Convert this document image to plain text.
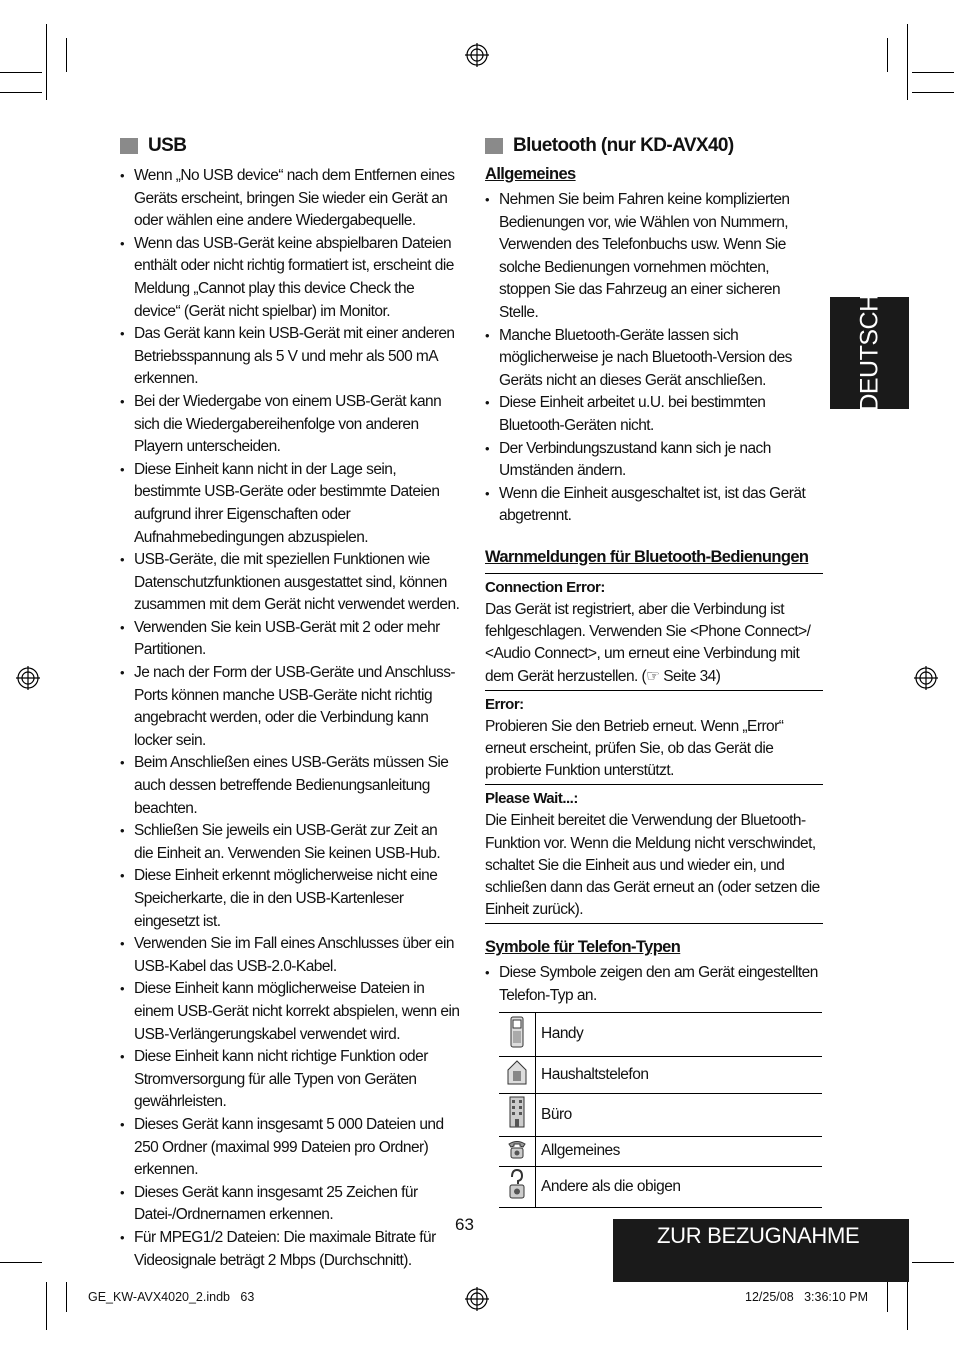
USB
• Wenn „No USB device“ nach dem Entfernen eines Geräts erscheint, bringen Sie wieder ein Gerät an oder wählen eine andere Wiedergabequelle.
• Wenn das USB-Gerät keine abspielbaren Dateien enthält oder nicht richtig formatiert ist, erscheint die Meldung „Cannot play this device Check the device“ (Gerät nicht spielbar) im Monitor.
• Das Gerät kann kein USB-Gerät mit einer anderen Betriebsspannung als 5 V und mehr als 500 mA erkennen.
• Bei der Wiedergabe von einem USB-Gerät kann sich die Wiedergabereihenfolge von anderen Playern unterscheiden.
• Diese Einheit kann nicht in der Lage sein, bestimmte USB-Geräte oder bestimmte Dateien aufgrund ihrer Eigenschaften oder Aufnahmebedingungen abzuspielen.
• USB-Geräte, die mit speziellen Funktionen wie Datenschutzfunktionen ausgestattet sind, können zusammen mit dem Gerät nicht verwendet werden.
• Verwenden Sie kein USB-Gerät mit 2 oder mehr Partitionen.
• Je nach der Form der USB-Geräte und Anschluss-Ports können manche USB-Geräte nicht richtig angebracht werden, oder die Verbindung kann locker sein.
• Beim Anschließen eines USB-Geräts müssen Sie auch dessen betreffende Bedienungsanleitung beachten.
• Schließen Sie jeweils ein USB-Gerät zur Zeit an die Einheit an. Verwenden Sie keinen USB-Hub.
• Diese Einheit erkennt möglicherweise nicht eine Speicherkarte, die in den USB-Kartenleser eingesetzt ist.
• Verwenden Sie im Fall eines Anschlusses über ein USB-Kabel das USB-2.0-Kabel.
• Diese Einheit kann möglicherweise Dateien in einem USB-Gerät nicht korrekt abspielen, wenn ein USB-Verlängerungskabel verwendet wird.
• Diese Einheit kann nicht richtige Funktion oder Stromversorgung für alle Typen von Geräten gewährleisten.
• Dieses Gerät kann insgesamt 5 000 Dateien und 250 Ordner (maximal 999 Dateien pro Ordner) erkennen.
• Dieses Gerät kann insgesamt 25 Zeichen für Datei-/Ordnernamen erkennen.
• Für MPEG1/2 Dateien: Die maximale Bitrate für Videosignale beträgt 2 Mbps (Durchschnitt).
Bluetooth (nur KD-AVX40)
Allgemeines
• Nehmen Sie beim Fahren keine komplizierten Bedienungen vor, wie Wählen von Nummern, Verwenden des Telefonbuchs usw. Wenn Sie solche Bedienungen vornehmen möchten, stoppen Sie das Fahrzeug an einer sicheren Stelle.
• Manche Bluetooth-Geräte lassen sich möglicherweise je nach Bluetooth-Version des Geräts nicht an dieses Gerät anschließen.
• Diese Einheit arbeitet u.U. bei bestimmten Bluetooth-Geräten nicht.
• Der Verbindungszustand kann sich je nach Umständen ändern.
• Wenn die Einheit ausgeschaltet ist, ist das Gerät abgetrennt.
Warnmeldungen für Bluetooth-Bedienungen
Connection Error:
Das Gerät ist registriert, aber die Verbindung ist fehlgeschlagen. Verwenden Sie <Phone Connect>/ <Audio Connect>, um erneut eine Verbindung mit dem Gerät herzustellen. (☞ Seite 34)
Error:
Probieren Sie den Betrieb erneut. Wenn „Error“ erneut erscheint, prüfen Sie, ob das Gerät die probierte Funktion unterstützt.
Please Wait...:
Die Einheit bereitet die Verwendung der Bluetooth-Funktion vor. Wenn die Meldung nicht verschwindet, schaltet Sie die Einheit aus und wieder ein, und schließen dann das Gerät erneut an (oder setzen die Einheit zurück).
Symbole für Telefon-Typen
• Diese Symbole zeigen den am Gerät eingestellten Telefon-Typ an.
	Handy
	Haushaltstelefon
	Büro
	Allgemeines
	Andere als die obigen
DEUTSCH
63	ZUR BEZUGNAHME
GE_KW-AVX4020_2.indb   63	12/25/08   3:36:10 PM
